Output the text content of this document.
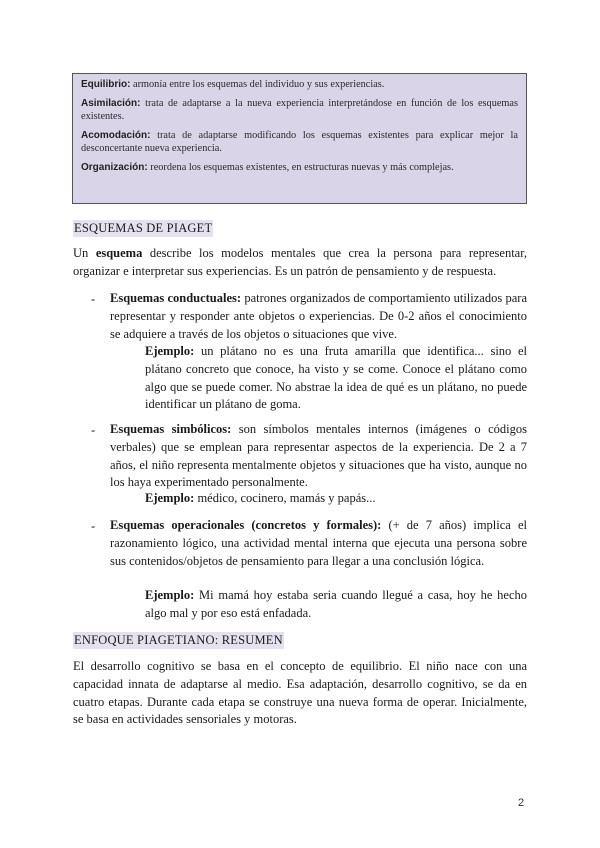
Equilibrio: armonía entre los esquemas del individuo y sus experiencias.

Asimilación: trata de adaptarse a la nueva experiencia interpretándose en función de los esquemas existentes.

Acomodación: trata de adaptarse modificando los esquemas existentes para explicar mejor la desconcertante nueva experiencia.

Organización: reordena los esquemas existentes, en estructuras nuevas y más complejas.

ESQUEMAS DE PIAGET

Un esquema describe los modelos mentales que crea la persona para representar, organizar e interpretar sus experiencias. Es un patrón de pensamiento y de respuesta.

- Esquemas conductuales: patrones organizados de comportamiento utilizados para representar y responder ante objetos o experiencias. De 0-2 años el conocimiento se adquiere a través de los objetos o situaciones que vive.

Ejemplo: un plátano no es una fruta amarilla que identifica... sino el plátano concreto que conoce, ha visto y se come. Conoce el plátano como algo que se puede comer. No abstrae la idea de qué es un plátano, no puede identificar un plátano de goma.

- Esquemas simbólicos: son símbolos mentales internos (imágenes o códigos verbales) que se emplean para representar aspectos de la experiencia. De 2 a 7 años, el niño representa mentalmente objetos y situaciones que ha visto, aunque no los haya experimentado personalmente.

Ejemplo: médico, cocinero, mamás y papás...

- Esquemas operacionales (concretos y formales): (+ de 7 años) implica el razonamiento lógico, una actividad mental interna que ejecuta una persona sobre sus contenidos/objetos de pensamiento para llegar a una conclusión lógica.

Ejemplo: Mi mamá hoy estaba seria cuando llegué a casa, hoy he hecho algo mal y por eso está enfadada.

ENFOQUE PIAGETIANO: RESUMEN

El desarrollo cognitivo se basa en el concepto de equilibrio. El niño nace con una capacidad innata de adaptarse al medio. Esa adaptación, desarrollo cognitivo, se da en cuatro etapas. Durante cada etapa se construye una nueva forma de operar. Inicialmente, se basa en actividades sensoriales y motoras.

2
